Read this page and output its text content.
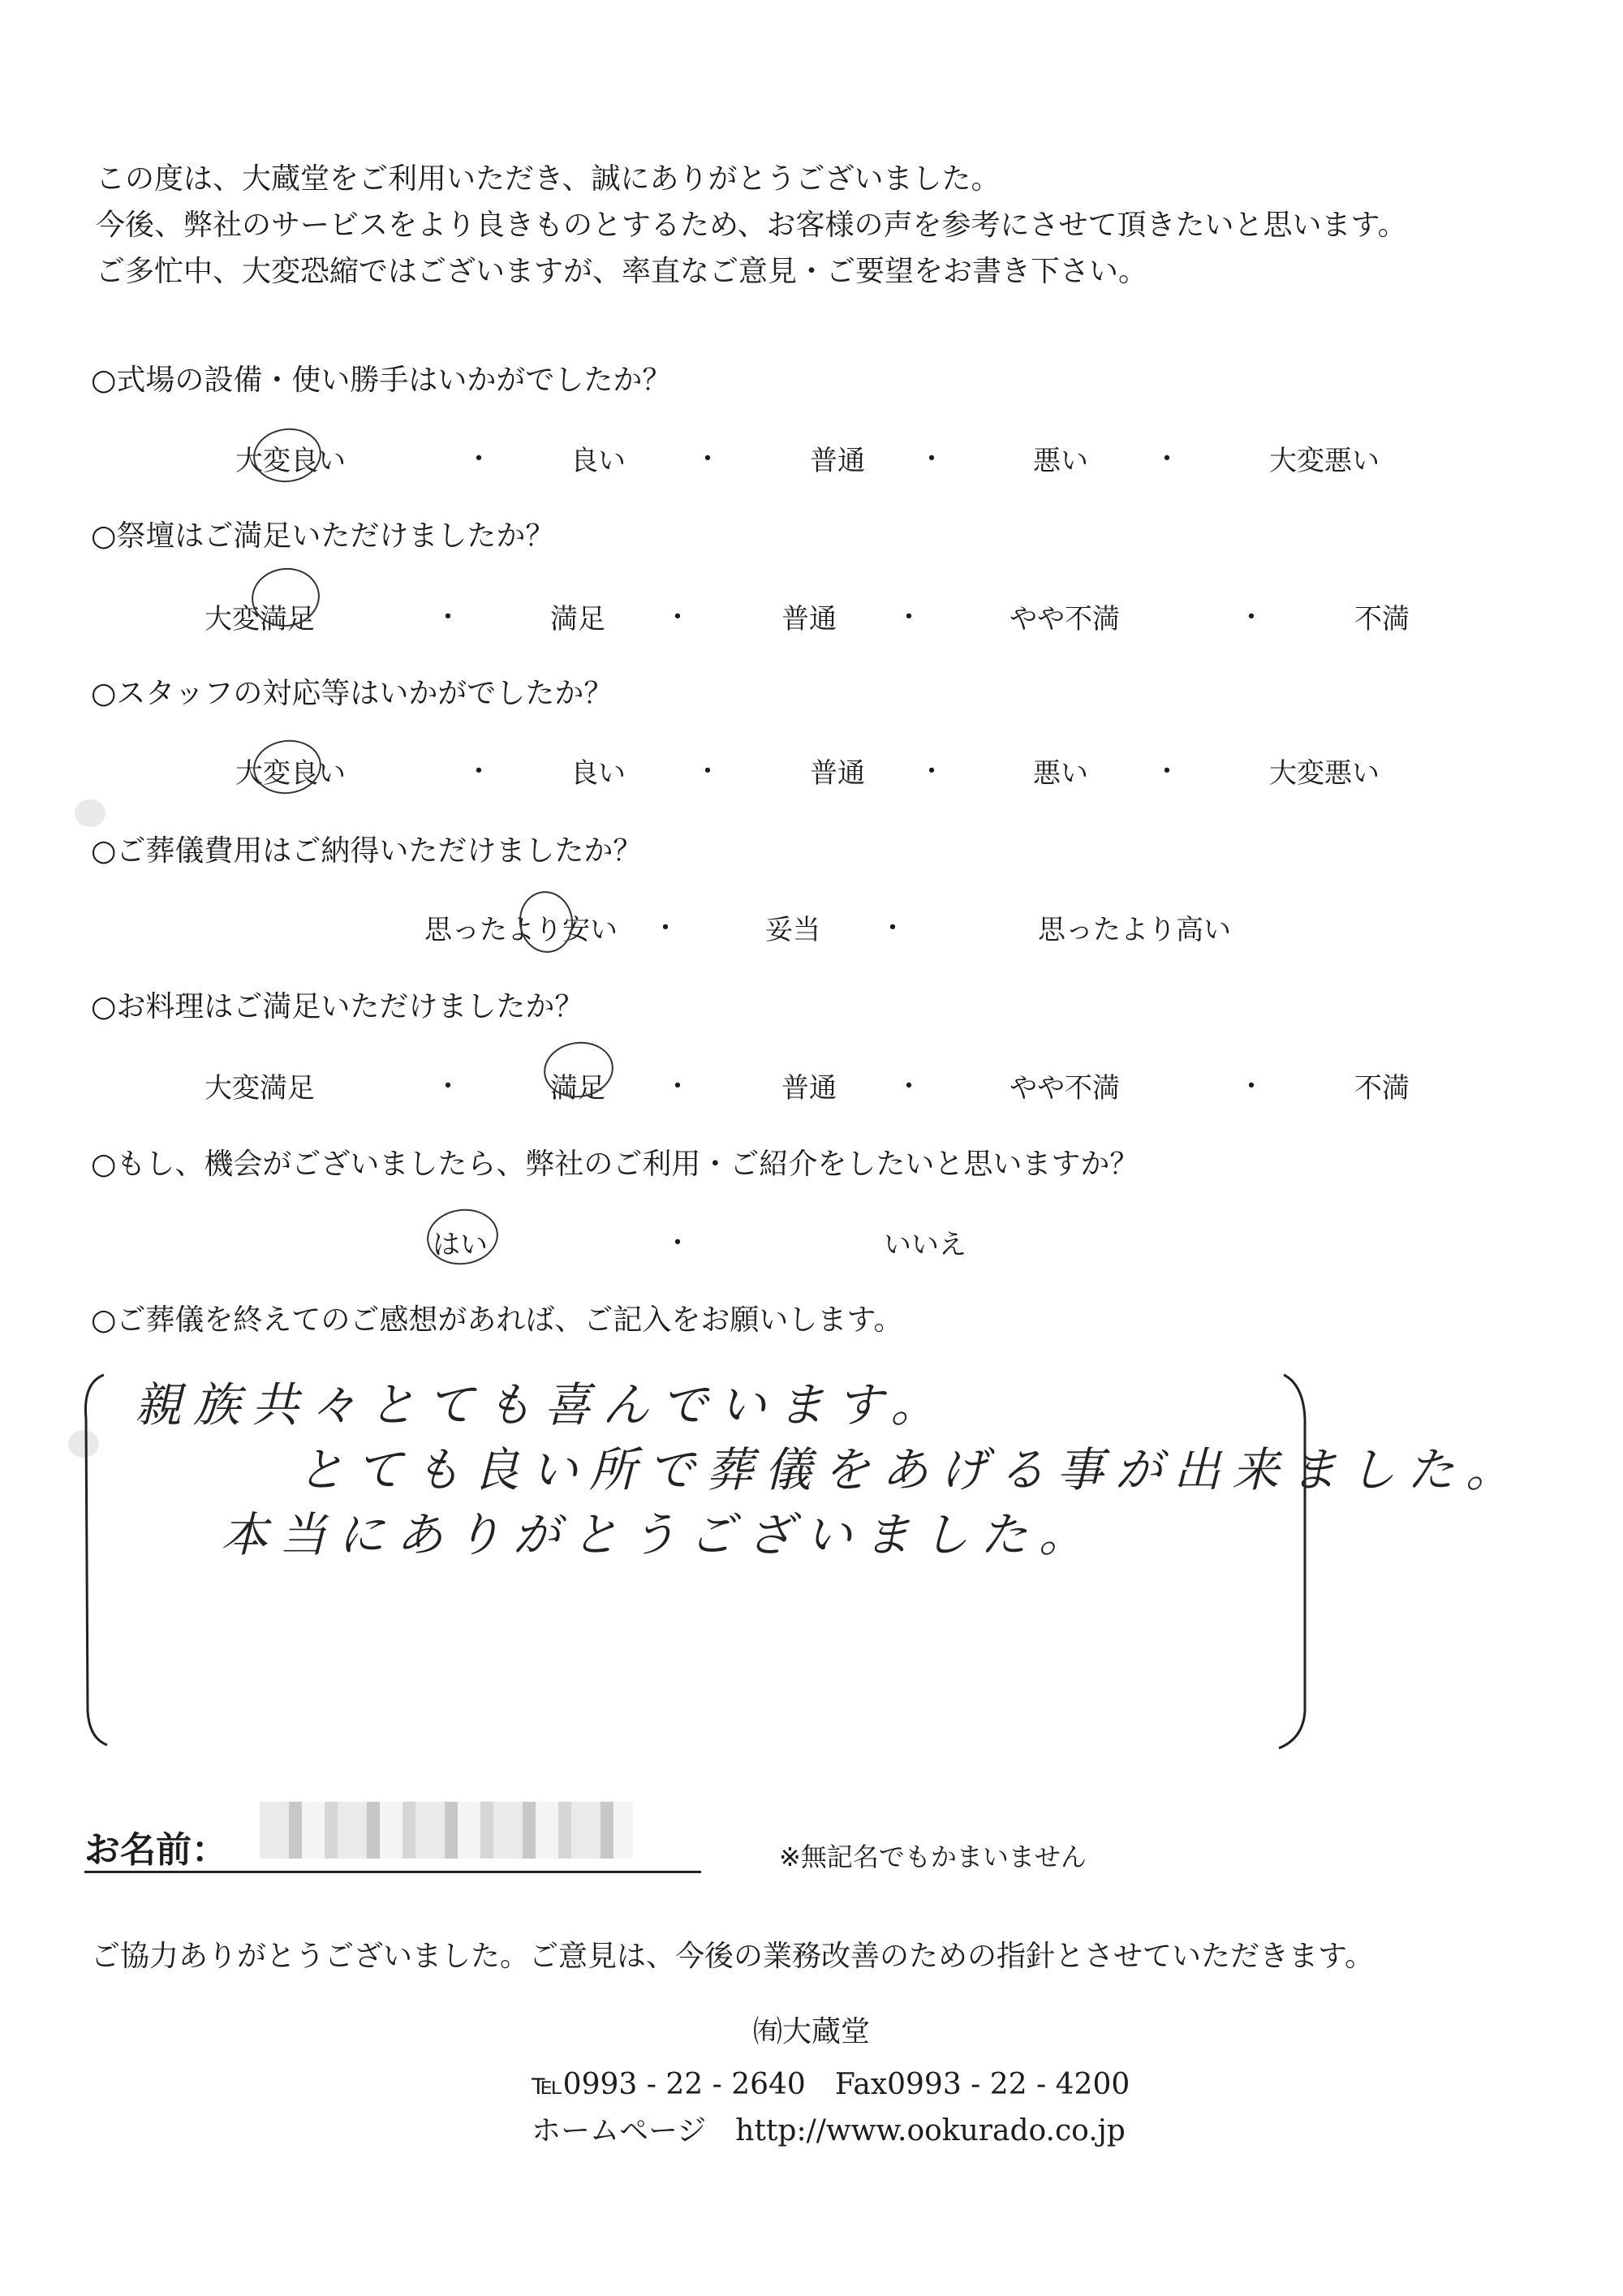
この度は、大蔵堂をご利用いただき、誠にありがとうございました。

今後、弊社のサービスをより良きものとするため、お客様の声を参考にさせて頂きたいと思います。

ご多忙中、大変恐縮ではございますが、率直なご意見・ご要望をお書き下さい。

○式場の設備・使い勝手はいかがでしたか？
大変良い	・	良い ・	普通 ・	悪い ・	大変悪い
○祭壇はご満足いただけましたか？
大変満足	・	満足 ・	普通 ・	やや不満	・	不満
○スタッフの対応等はいかがでしたか？
大変良い	・	良い ・	普通 ・	悪い ・	大変悪い
○ご葬儀費用はご納得いただけましたか？
思ったより安い ・	妥当 ・	思ったより高い
○お料理はご満足いただけましたか？
大変満足	・	満足 ・	普通 ・	やや不満	・	不満
○もし、機会がございましたら、弊社のご利用・ご紹介をしたいと思いますか？
はい	・	いいえ
○ご葬儀を終えてのご感想があれば、ご記入をお願いします。
親族共々とても喜んでいます。
とても良い所で葬儀をあげる事が出来ました。
本当にありがとうございました。
お名前：	※無記名でもかまいません
ご協力ありがとうございました。ご意見は、今後の業務改善のための指針とさせていただきます。
㈲大蔵堂
℡0993 - 22 - 2640　Fax0993 - 22 - 4200
ホームページ　http://www.ookurado.co.jp
